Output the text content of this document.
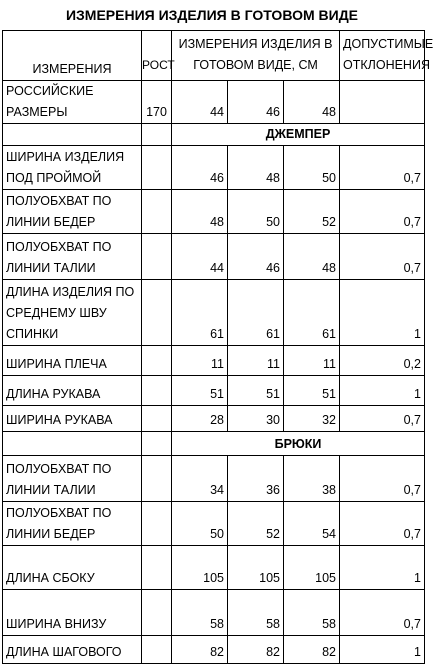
ИЗМЕРЕНИЯ ИЗДЕЛИЯ В ГОТОВОМ ВИДЕ
ИЗМЕРЕНИЯ	РОСТ	ИЗМЕРЕНИЯ ИЗДЕЛИЯ В ГОТОВОМ ВИДЕ, СМ			ДОПУСТИМЫЕ ОТКЛОНЕНИЯ
РОССИЙСКИЕ РАЗМЕРЫ	170	44	46	48	
		ДЖЕМПЕР			
ШИРИНА ИЗДЕЛИЯ ПОД ПРОЙМОЙ		46	48	50	0,7
ПОЛУОБХВАТ ПО ЛИНИИ БЕДЕР		48	50	52	0,7
ПОЛУОБХВАТ ПО ЛИНИИ ТАЛИИ		44	46	48	0,7
ДЛИНА ИЗДЕЛИЯ ПО СРЕДНЕМУ ШВУ СПИНКИ		61	61	61	1
ШИРИНА ПЛЕЧА		11	11	11	0,2
ДЛИНА РУКАВА		51	51	51	1
ШИРИНА РУКАВА		28	30	32	0,7
		БРЮКИ			
ПОЛУОБХВАТ ПО ЛИНИИ ТАЛИИ		34	36	38	0,7
ПОЛУОБХВАТ ПО ЛИНИИ БЕДЕР		50	52	54	0,7
ДЛИНА СБОКУ		105	105	105	1
ШИРИНА ВНИЗУ		58	58	58	0,7
ДЛИНА ШАГОВОГО		82	82	82	1
